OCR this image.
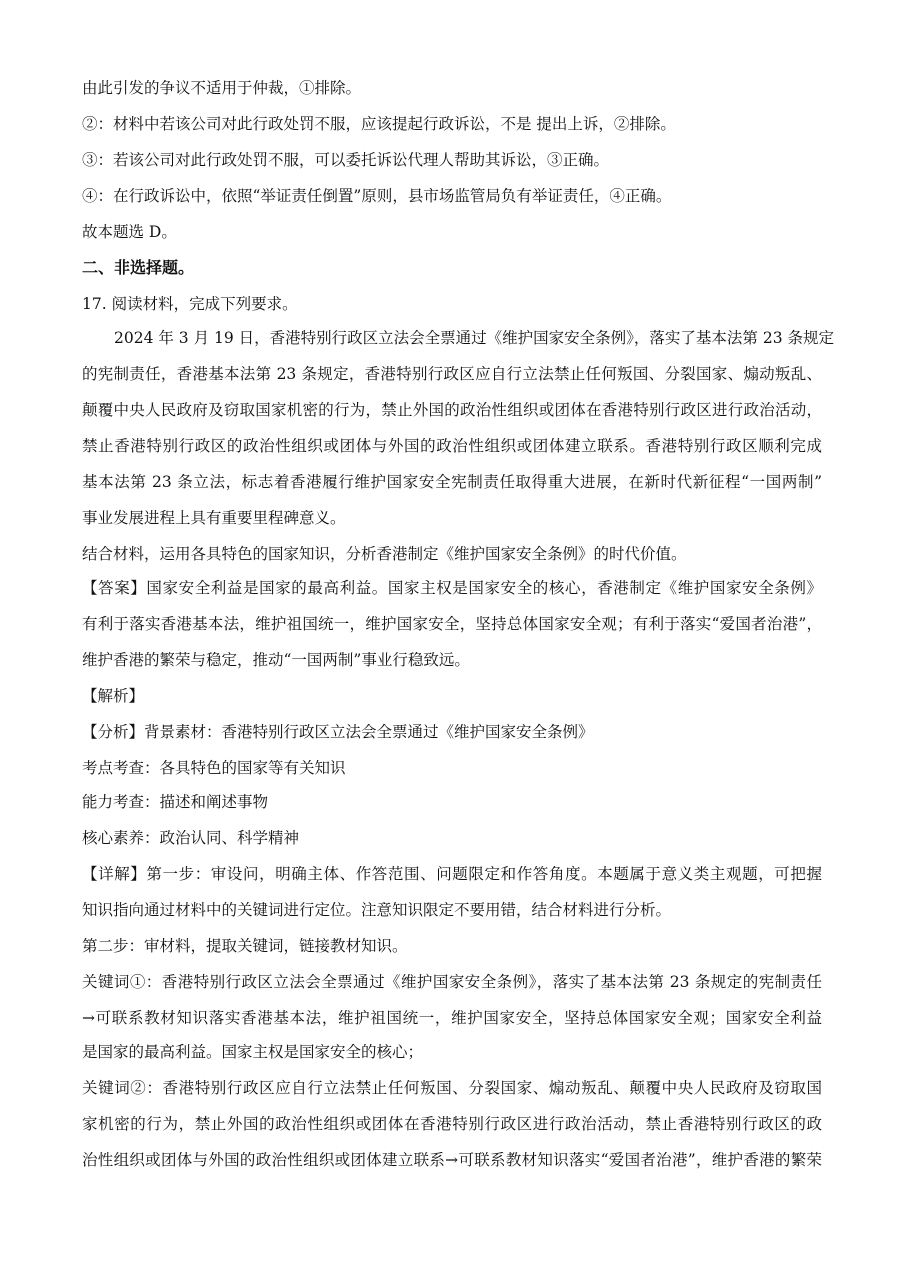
由此引发的争议不适用于仲裁，①排除。
②：材料中若该公司对此行政处罚不服，应该提起行政诉讼，不是 提出上诉，②排除。
③：若该公司对此行政处罚不服，可以委托诉讼代理人帮助其诉讼，③正确。
④：在行政诉讼中，依照“举证责任倒置”原则，县市场监管局负有举证责任，④正确。
故本题选 D。
二、非选择题。
17. 阅读材料，完成下列要求。
2024 年 3 月 19 日，香港特别行政区立法会全票通过《维护国家安全条例》，落实了基本法第 23 条规定
的宪制责任，香港基本法第 23 条规定，香港特别行政区应自行立法禁止任何叛国、分裂国家、煽动叛乱、
颠覆中央人民政府及窃取国家机密的行为，禁止外国的政治性组织或团体在香港特别行政区进行政治活动，
禁止香港特别行政区的政治性组织或团体与外国的政治性组织或团体建立联系。香港特别行政区顺利完成
基本法第 23 条立法，标志着香港履行维护国家安全宪制责任取得重大进展，在新时代新征程“一国两制”
事业发展进程上具有重要里程碑意义。
结合材料，运用各具特色的国家知识，分析香港制定《维护国家安全条例》的时代价值。
【答案】国家安全利益是国家的最高利益。国家主权是国家安全的核心，香港制定《维护国家安全条例》
有利于落实香港基本法，维护祖国统一，维护国家安全，坚持总体国家安全观；有利于落实“爱国者治港”，
维护香港的繁荣与稳定，推动“一国两制”事业行稳致远。
【解析】
【分析】背景素材：香港特别行政区立法会全票通过《维护国家安全条例》
考点考查：各具特色的国家等有关知识
能力考查：描述和阐述事物
核心素养：政治认同、科学精神
【详解】第一步：审设问，明确主体、作答范围、问题限定和作答角度。本题属于意义类主观题，可把握
知识指向通过材料中的关键词进行定位。注意知识限定不要用错，结合材料进行分析。
第二步：审材料，提取关键词，链接教材知识。
关键词①：香港特别行政区立法会全票通过《维护国家安全条例》，落实了基本法第 23 条规定的宪制责任
→可联系教材知识落实香港基本法，维护祖国统一，维护国家安全，坚持总体国家安全观；国家安全利益
是国家的最高利益。国家主权是国家安全的核心；
关键词②：香港特别行政区应自行立法禁止任何叛国、分裂国家、煽动叛乱、颠覆中央人民政府及窃取国
家机密的行为，禁止外国的政治性组织或团体在香港特别行政区进行政治活动，禁止香港特别行政区的政
治性组织或团体与外国的政治性组织或团体建立联系→可联系教材知识落实“爱国者治港”，维护香港的繁荣
